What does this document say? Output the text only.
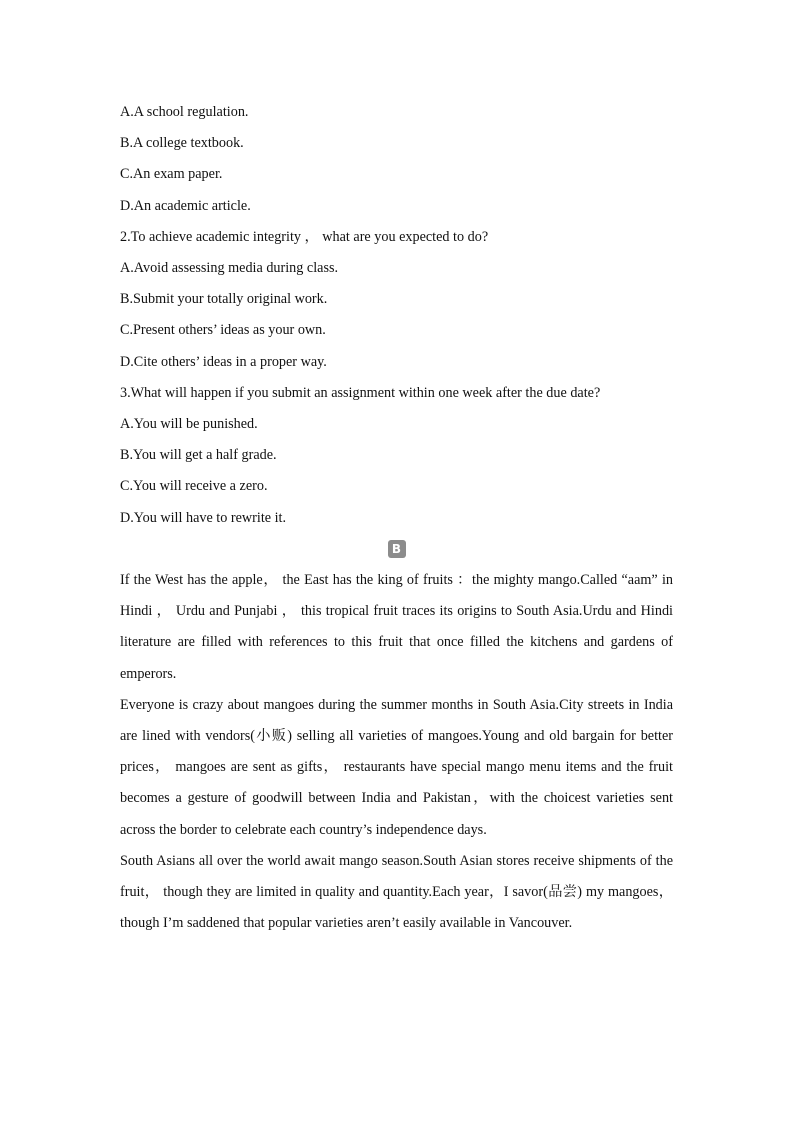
A.A school regulation.
B.A college textbook.
C.An exam paper.
D.An academic article.
2.To achieve academic integrity ， what are you expected to do?
A.Avoid assessing media during class.
B.Submit your totally original work.
C.Present others’ ideas as your own.
D.Cite others’ ideas in a proper way.
3.What will happen if you submit an assignment within one week after the due date?
A.You will be punished.
B.You will get a half grade.
C.You will receive a zero.
D.You will have to rewrite it.
B
If the West has the apple， the East has the king of fruits ：the mighty mango.Called “aam” in Hindi ， Urdu and Punjabi ， this tropical fruit traces its origins to South Asia.Urdu and Hindi literature are filled with references to this fruit that once filled the kitchens and gardens of emperors.
Everyone is crazy about mangoes during the summer months in South Asia.City streets in India are lined with vendors(小贩) selling all varieties of mangoes.Young and old bargain for better prices， mangoes are sent as gifts， restaurants have special mango menu items and the fruit becomes a gesture of goodwill between India and Pakistan，with the choicest varieties sent across the border to celebrate each country’s independence days.
South Asians all over the world await mango season.South Asian stores receive shipments of the fruit， though they are limited in quality and quantity.Each year，I savor(品尝) my mangoes， though I’m saddened that popular varieties aren’t easily available in Vancouver.
